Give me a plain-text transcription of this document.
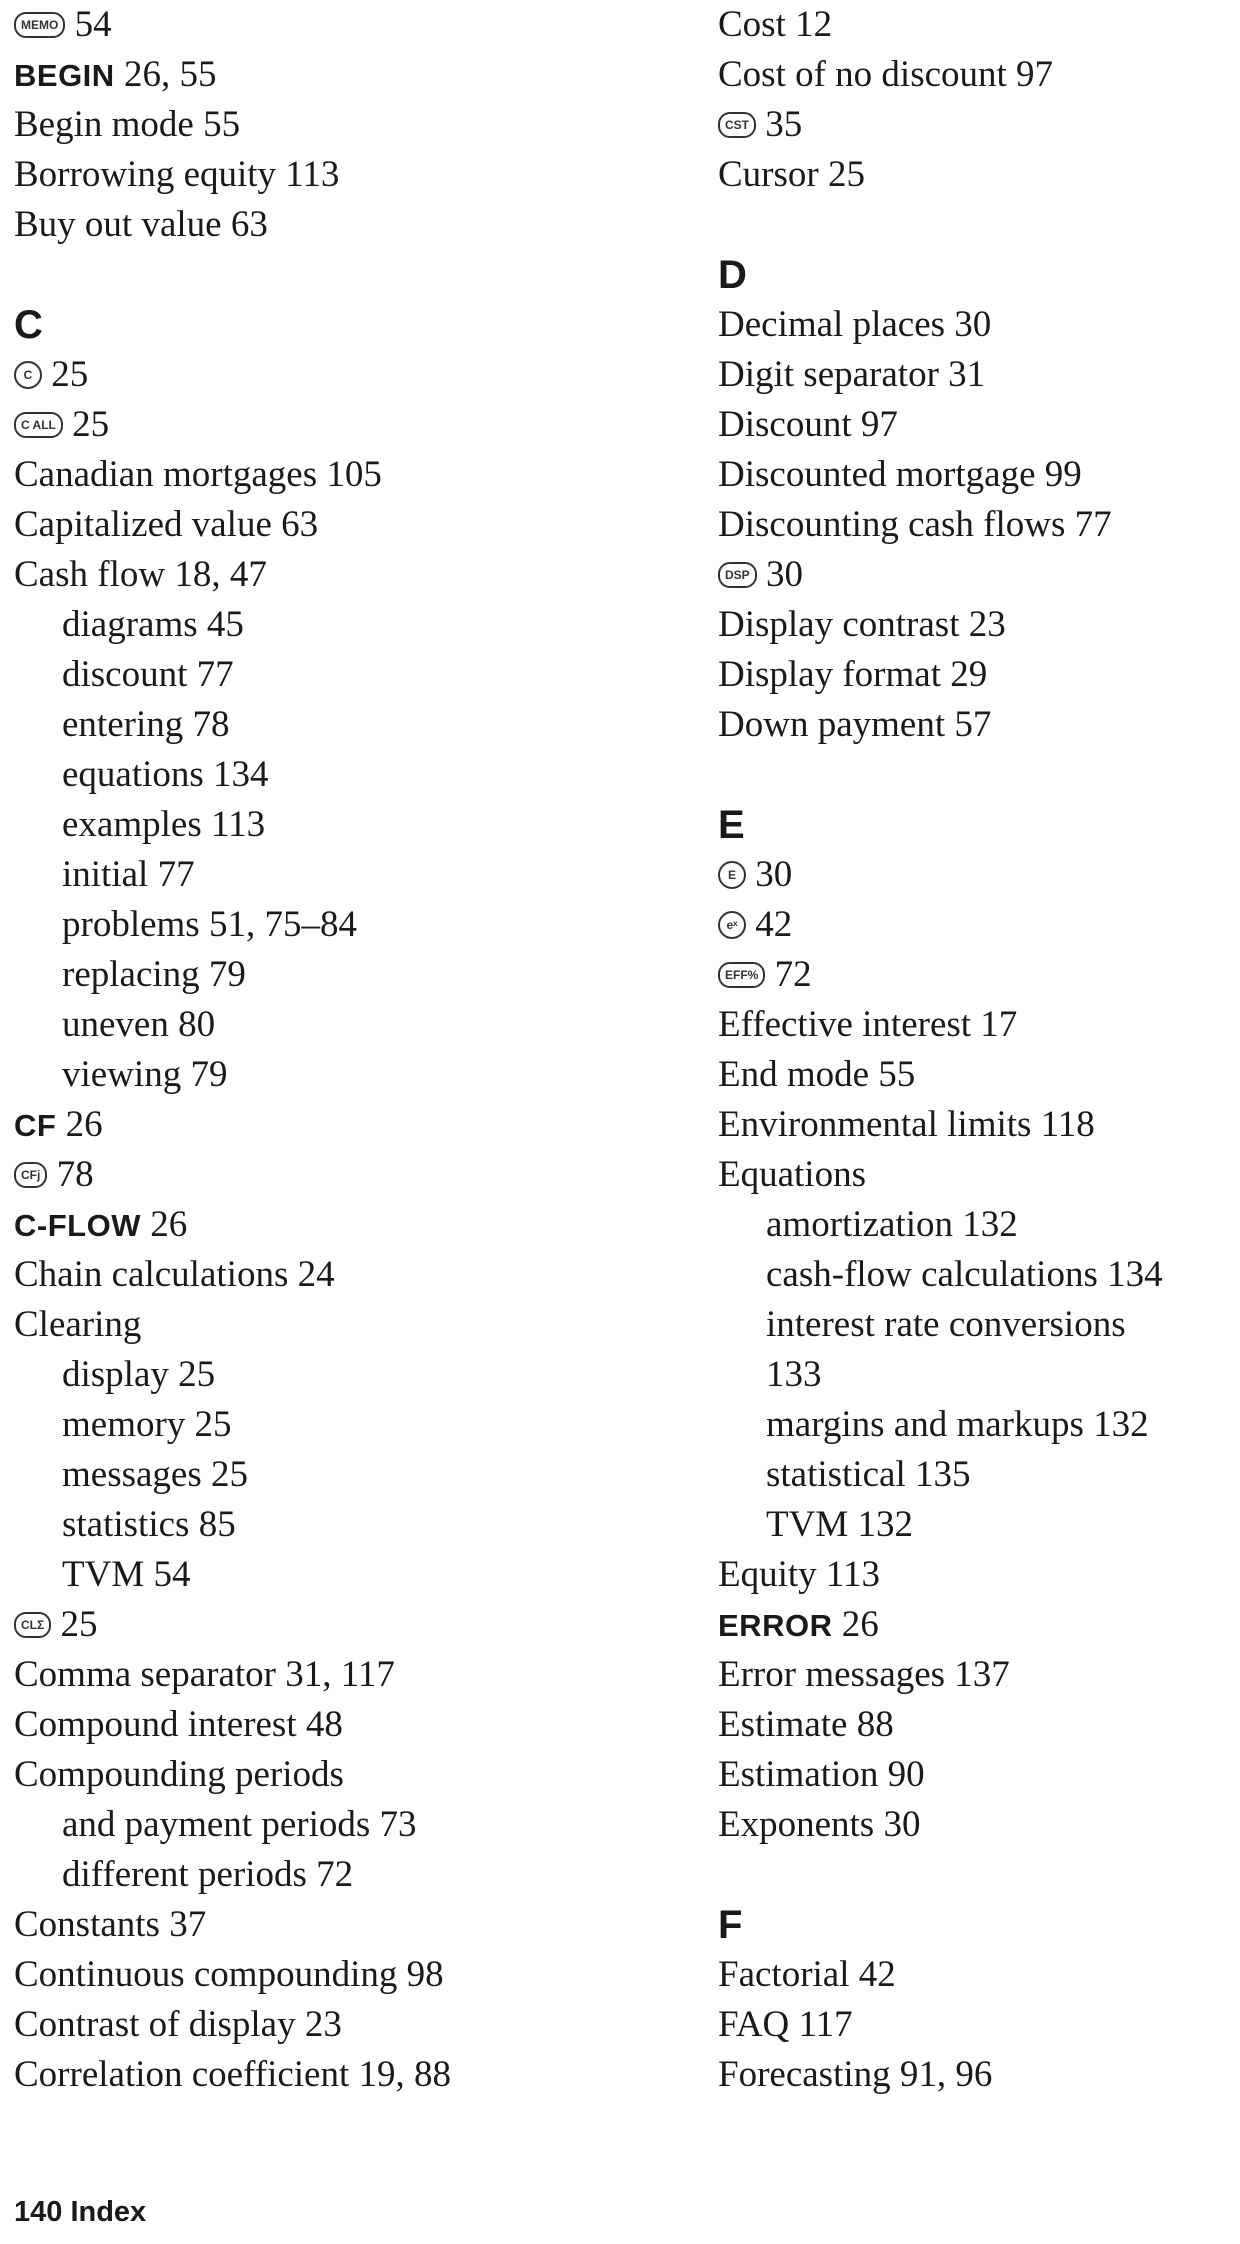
MEMO 54
BEGIN 26, 55
Begin mode 55
Borrowing equity 113
Buy out value 63
C
C 25
C ALL 25
Canadian mortgages 105
Capitalized value 63
Cash flow 18, 47
diagrams 45
discount 77
entering 78
equations 134
examples 113
initial 77
problems 51, 75–84
replacing 79
uneven 80
viewing 79
CF 26
CFj 78
C-FLOW 26
Chain calculations 24
Clearing
display 25
memory 25
messages 25
statistics 85
TVM 54
CLΣ 25
Comma separator 31, 117
Compound interest 48
Compounding periods
and payment periods 73
different periods 72
Constants 37
Continuous compounding 98
Contrast of display 23
Correlation coefficient 19, 88
Cost 12
Cost of no discount 97
CST 35
Cursor 25
D
Decimal places 30
Digit separator 31
Discount 97
Discounted mortgage 99
Discounting cash flows 77
DSP 30
Display contrast 23
Display format 29
Down payment 57
E
E 30
eˣ 42
EFF% 72
Effective interest 17
End mode 55
Environmental limits 118
Equations
amortization 132
cash-flow calculations 134
interest rate conversions
133
margins and markups 132
statistical 135
TVM 132
Equity 113
ERROR 26
Error messages 137
Estimate 88
Estimation 90
Exponents 30
F
Factorial 42
FAQ 117
Forecasting 91, 96
140 Index
